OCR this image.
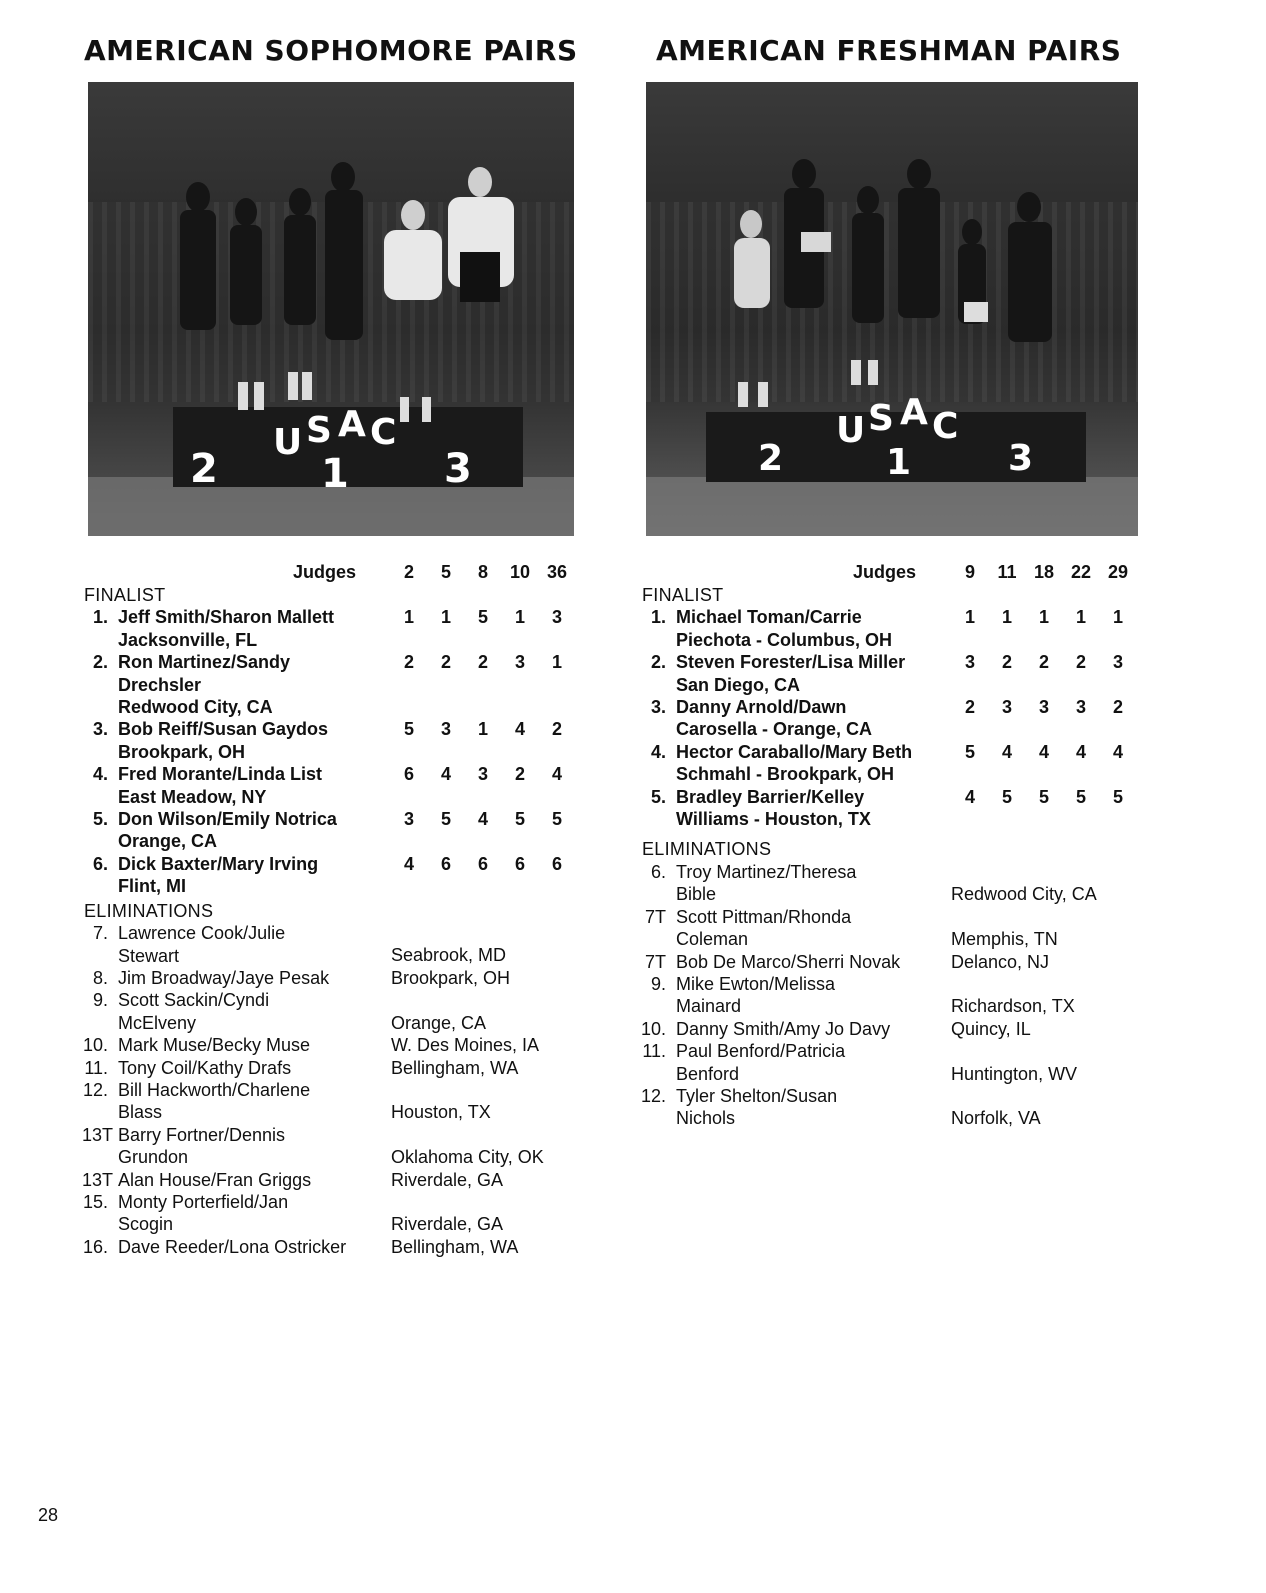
AMERICAN SOPHOMORE PAIRS
U S A C
2	1 3
Judges	2	5	8	10 36
FINALIST
1. Jeff Smith/Sharon Mallett
Jacksonville, FL
1	1	5	1	3
2. Ron Martinez/Sandy
Drechsler
Redwood City, CA
2	2	2	3	1
3. Bob Reiff/Susan Gaydos
Brookpark, OH
5	3	1	4	2
4. Fred Morante/Linda List
East Meadow, NY
6	4	3	2	4
5. Don Wilson/Emily Notrica
Orange, CA
3	5	4	5	5
6. Dick Baxter/Mary Irving
Flint, MI
4	6	6	6	6
ELIMINATIONS
7. Lawrence Cook/Julie
Stewart	Seabrook, MD
8. Jim Broadway/Jaye Pesak	Brookpark, OH
9. Scott Sackin/Cyndi
McElveny	Orange, CA
10. Mark Muse/Becky Muse	W. Des Moines, IA
11. Tony Coil/Kathy Drafs	Bellingham, WA
12. Bill Hackworth/Charlene
Blass	Houston, TX
13T Barry Fortner/Dennis
Grundon	Oklahoma City, OK
13T Alan House/Fran Griggs	Riverdale, GA
15. Monty Porterfield/Jan
Scogin	Riverdale, GA
16. Dave Reeder/Lona Ostricker	Bellingham, WA
AMERICAN FRESHMAN PAIRS
U S A C
2	1	3
Judges	9	11 18 22 29
FINALIST
1. Michael Toman/Carrie
Piechota - Columbus, OH
1	1	1	1	1
2. Steven Forester/Lisa Miller
San Diego, CA
3	2	2	2	3
3. Danny Arnold/Dawn
Carosella - Orange, CA
2	3	3	3	2
4. Hector Caraballo/Mary Beth
Schmahl - Brookpark, OH
5	4	4	4	4
5. Bradley Barrier/Kelley
Williams - Houston, TX
4	5	5	5	5
ELIMINATIONS
6. Troy Martinez/Theresa
Bible	Redwood City, CA
7T Scott Pittman/Rhonda
Coleman	Memphis, TN
7T Bob De Marco/Sherri Novak	Delanco, NJ
9. Mike Ewton/Melissa
Mainard	Richardson, TX
10. Danny Smith/Amy Jo Davy	Quincy, IL
11. Paul Benford/Patricia
Benford	Huntington, WV
12. Tyler Shelton/Susan
Nichols	Norfolk, VA
28
